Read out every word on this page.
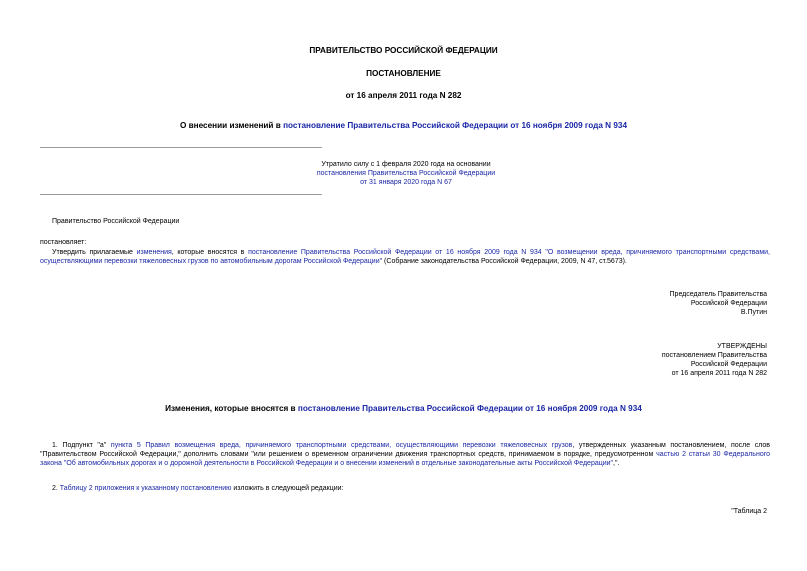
ПРАВИТЕЛЬСТВО РОССИЙСКОЙ ФЕДЕРАЦИИ
ПОСТАНОВЛЕНИЕ
от 16 апреля 2011 года N 282
О внесении изменений в постановление Правительства Российской Федерации от 16 ноября 2009 года N 934
Утратило силу с 1 февраля 2020 года на основании
постановления Правительства Российской Федерации
от 31 января 2020 года N 67
Правительство Российской Федерации
постановляет:
Утвердить прилагаемые изменения, которые вносятся в постановление Правительства Российской Федерации от 16 ноября 2009 года N 934 "О возмещении вреда, причиняемого транспортными средствами, осуществляющими перевозки тяжеловесных грузов по автомобильным дорогам Российской Федерации" (Собрание законодательства Российской Федерации, 2009, N 47, ст.5673).
Председатель Правительства
Российской Федерации
В.Путин
УТВЕРЖДЕНЫ
постановлением Правительства
Российской Федерации
от 16 апреля 2011 года N 282
Изменения, которые вносятся в постановление Правительства Российской Федерации от 16 ноября 2009 года N 934
1. Подпункт "а" пункта 5 Правил возмещения вреда, причиняемого транспортными средствами, осуществляющими перевозки тяжеловесных грузов, утвержденных указанным постановлением, после слов "Правительством Российской Федерации," дополнить словами "или решением о временном ограничении движения транспортных средств, принимаемом в порядке, предусмотренном частью 2 статьи 30 Федерального закона "Об автомобильных дорогах и о дорожной деятельности в Российской Федерации и о внесении изменений в отдельные законодательные акты Российской Федерации",".
2. Таблицу 2 приложения к указанному постановлению изложить в следующей редакции:
"Таблица 2
